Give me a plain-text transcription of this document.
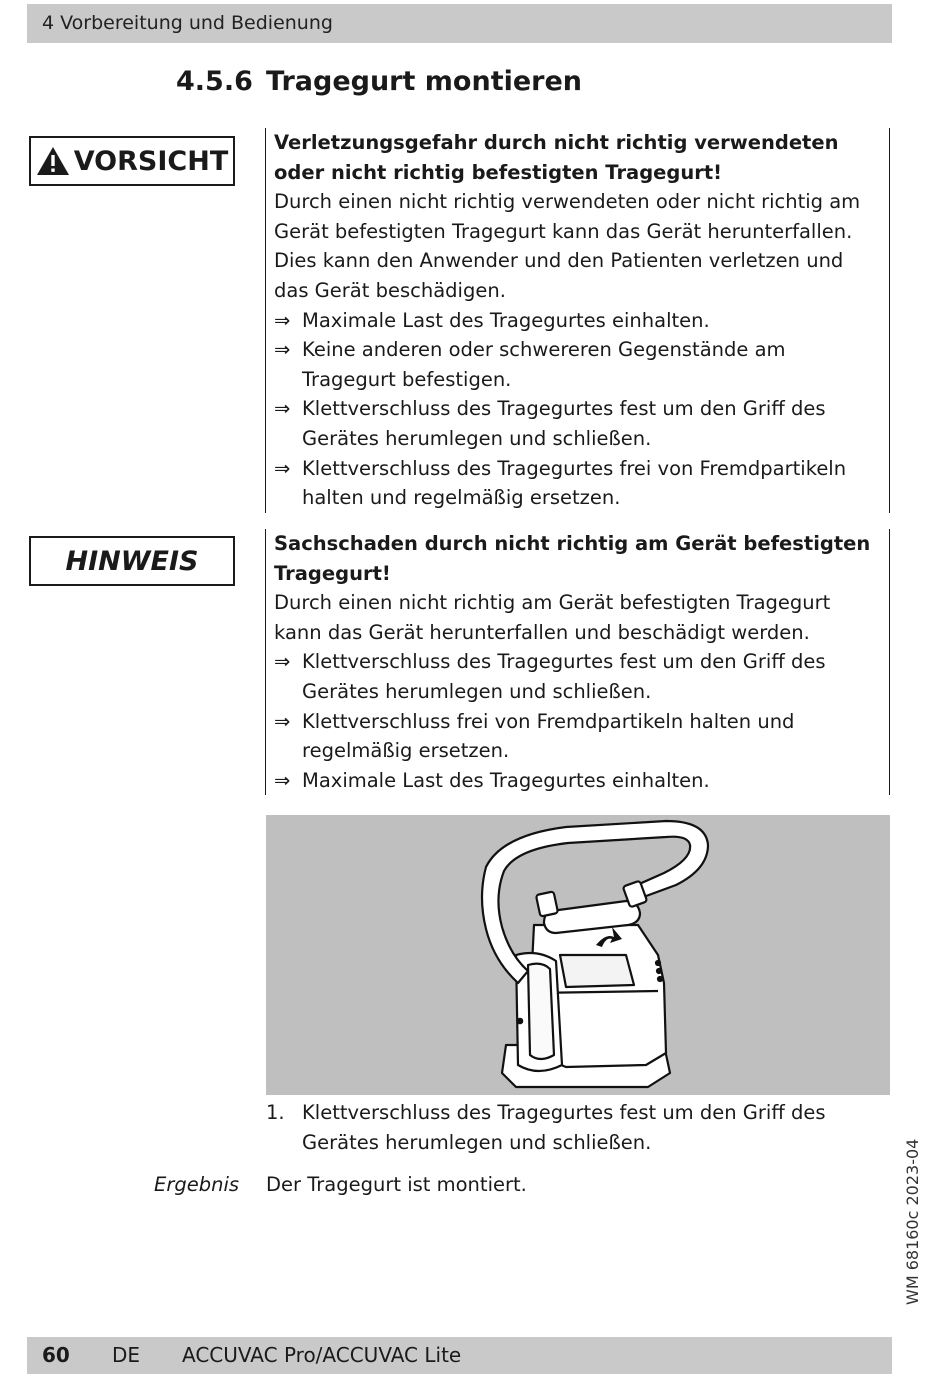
4 Vorbereitung und Bedienung
4.5.6 Tragegurt montieren
VORSICHT
Verletzungsgefahr durch nicht richtig verwendeten oder nicht richtig befestigten Tragegurt!
Durch einen nicht richtig verwendeten oder nicht richtig am Gerät befestigten Tragegurt kann das Gerät herunterfallen. Dies kann den Anwender und den Patienten verletzen und das Gerät beschädigen.
⇒ Maximale Last des Tragegurtes einhalten.
⇒ Keine anderen oder schwereren Gegenstände am Tragegurt befestigen.
⇒ Klettverschluss des Tragegurtes fest um den Griff des Gerätes herumlegen und schließen.
⇒ Klettverschluss des Tragegurtes frei von Fremdpartikeln halten und regelmäßig ersetzen.
HINWEIS
Sachschaden durch nicht richtig am Gerät befestigten Tragegurt!
Durch einen nicht richtig am Gerät befestigten Tragegurt kann das Gerät herunterfallen und beschädigt werden.
⇒ Klettverschluss des Tragegurtes fest um den Griff des Gerätes herumlegen und schließen.
⇒ Klettverschluss frei von Fremdpartikeln halten und regelmäßig ersetzen.
⇒ Maximale Last des Tragegurtes einhalten.
1. Klettverschluss des Tragegurtes fest um den Griff des Gerätes herumlegen und schließen.
Ergebnis Der Tragegurt ist montiert.	WM 68160c 2023-04
60 DE ACCUVAC Pro/ACCUVAC Lite
